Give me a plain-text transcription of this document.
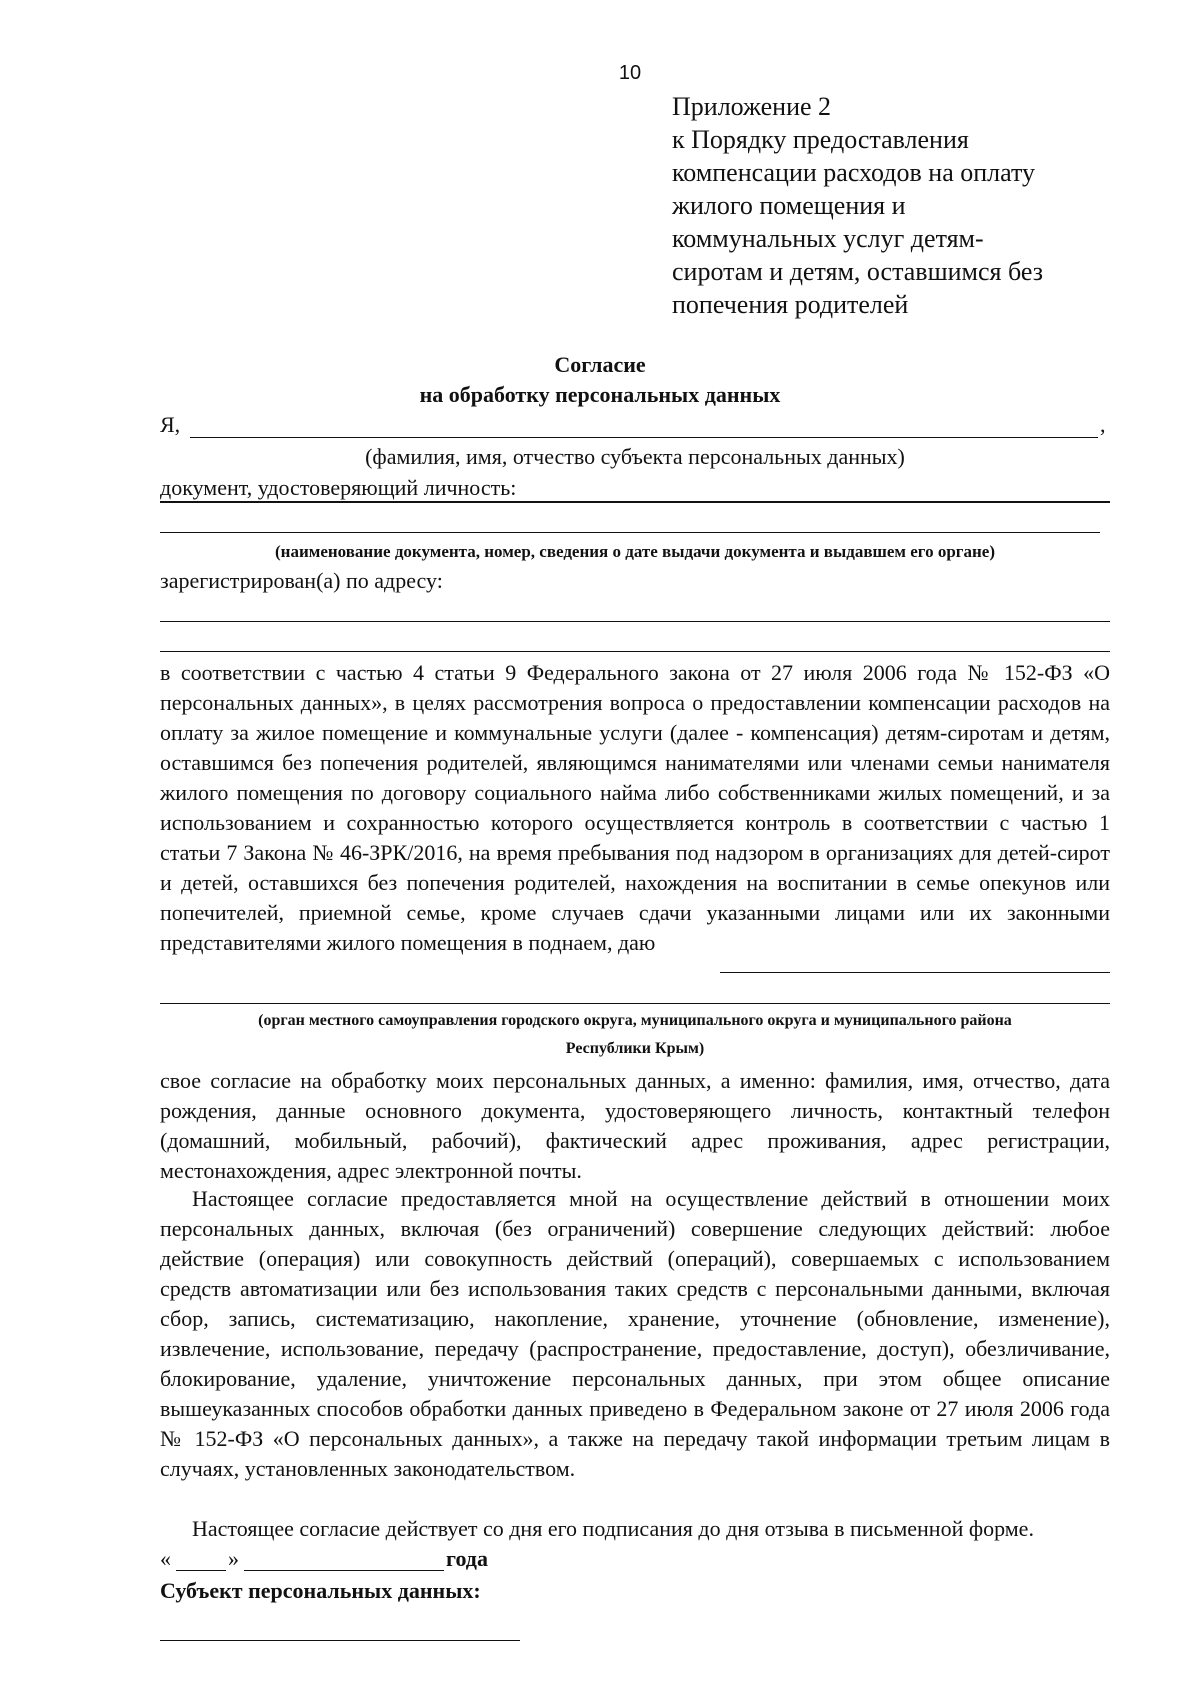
10
Приложение 2
к Порядку предоставления
компенсации расходов на оплату
жилого помещения и
коммунальных услуг детям-
сиротам и детям, оставшимся без
попечения родителей
Согласие
на обработку персональных данных
Я,	,
(фамилия, имя, отчество субъекта персональных данных)
документ, удостоверяющий личность:
(наименование документа, номер, сведения о дате выдачи документа и выдавшем его органе)
зарегистрирован(а) по адресу:

в соответствии с частью 4 статьи 9 Федерального закона от 27 июля 2006 года № 152-ФЗ «О персональных данных», в целях рассмотрения вопроса о предоставлении компенсации расходов на оплату за жилое помещение и коммунальные услуги (далее - компенсация) детям-сиротам и детям, оставшимся без попечения родителей, являющимся нанимателями или членами семьи нанимателя жилого помещения по договору социального найма либо собственниками жилых помещений, и за использованием и сохранностью которого осуществляется контроль в соответствии с частью 1 статьи 7 Закона № 46-ЗРК/2016, на время пребывания под надзором в организациях для детей-сирот и детей, оставшихся без попечения родителей, нахождения на воспитании в семье опекунов или попечителей, приемной семье, кроме случаев сдачи указанными лицами или их законными представителями жилого помещения в поднаем, даю

(орган местного самоуправления городского округа, муниципального округа и муниципального района
Республики Крым)

свое согласие на обработку моих персональных данных, а именно: фамилия, имя, отчество, дата рождения, данные основного документа, удостоверяющего личность, контактный телефон (домашний, мобильный, рабочий), фактический адрес проживания, адрес регистрации, местонахождения, адрес электронной почты.

Настоящее согласие предоставляется мной на осуществление действий в отношении моих персональных данных, включая (без ограничений) совершение следующих действий: любое действие (операция) или совокупность действий (операций), совершаемых с использованием средств автоматизации или без использования таких средств с персональными данными, включая сбор, запись, систематизацию, накопление, хранение, уточнение (обновление, изменение), извлечение, использование, передачу (распространение, предоставление, доступ), обезличивание, блокирование, удаление, уничтожение персональных данных, при этом общее описание вышеуказанных способов обработки данных приведено в Федеральном законе от 27 июля 2006 года № 152-ФЗ «О персональных данных», а также на передачу такой информации третьим лицам в случаях, установленных законодательством.

Настоящее согласие действует со дня его подписания до дня отзыва в письменной форме.

«	»	года
Субъект персональных данных:
